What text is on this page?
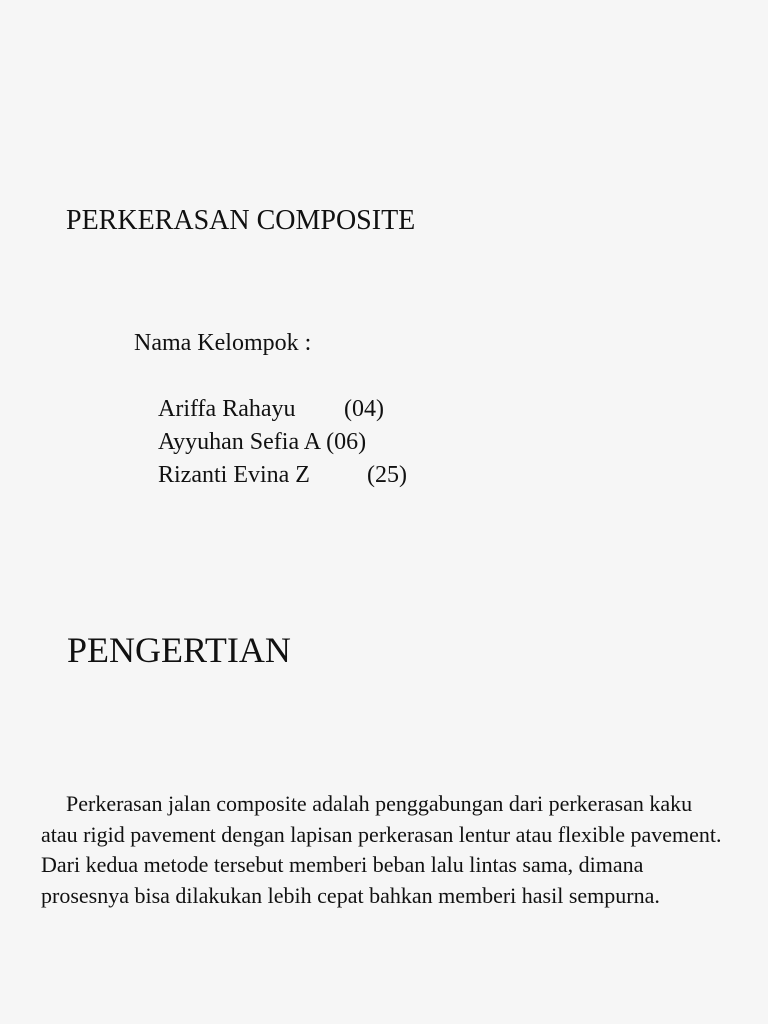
PERKERASAN COMPOSITE
Nama Kelompok :

Ariffa Rahayu (04)

Ayyuhan Sefia A (06)

Rizanti Evina Z (25)

PENGERTIAN
Perkerasan jalan composite adalah penggabungan dari perkerasan kaku atau rigid pavement dengan lapisan perkerasan lentur atau flexible pavement. Dari kedua metode tersebut memberi beban lalu lintas sama, dimana prosesnya bisa dilakukan lebih cepat bahkan memberi hasil sempurna.
